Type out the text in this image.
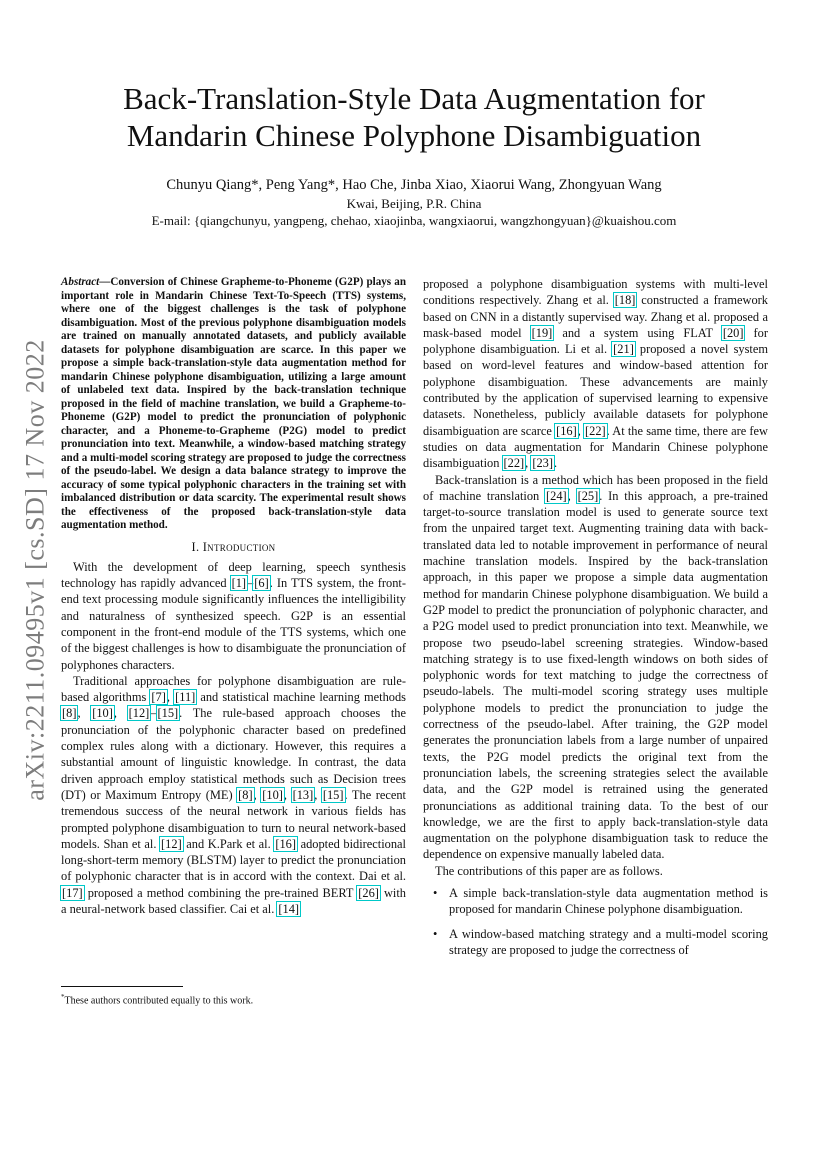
arXiv:2211.09495v1 [cs.SD] 17 Nov 2022
Back-Translation-Style Data Augmentation for
Mandarin Chinese Polyphone Disambiguation
Chunyu Qiang*, Peng Yang*, Hao Che, Jinba Xiao, Xiaorui Wang, Zhongyuan Wang
Kwai, Beijing, P.R. China
E-mail: {qiangchunyu, yangpeng, chehao, xiaojinba, wangxiaorui, wangzhongyuan}@kuaishou.com

Abstract—Conversion of Chinese Grapheme-to-Phoneme (G2P) plays an important role in Mandarin Chinese Text-To-Speech (TTS) systems, where one of the biggest challenges is the task of polyphone disambiguation. Most of the previous polyphone disambiguation models are trained on manually annotated datasets, and publicly available datasets for polyphone disambiguation are scarce. In this paper we propose a simple back-translation-style data augmentation method for mandarin Chinese polyphone disambiguation, utilizing a large amount of unlabeled text data. Inspired by the back-translation technique proposed in the field of machine translation, we build a Grapheme-to-Phoneme (G2P) model to predict the pronunciation of polyphonic character, and a Phoneme-to-Grapheme (P2G) model to predict pronunciation into text. Meanwhile, a window-based matching strategy and a multi-model scoring strategy are proposed to judge the correctness of the pseudo-label. We design a data balance strategy to improve the accuracy of some typical polyphonic characters in the training set with imbalanced distribution or data scarcity. The experimental result shows the effectiveness of the proposed back-translation-style data augmentation method.

I. Introduction

With the development of deep learning, speech synthesis technology has rapidly advanced [1]–[6]. In TTS system, the front-end text processing module significantly influences the intelligibility and naturalness of synthesized speech. G2P is an essential component in the front-end module of the TTS systems, which one of the biggest challenges is how to disambiguate the pronunciation of polyphones characters.

Traditional approaches for polyphone disambiguation are rule-based algorithms [7], [11] and statistical machine learning methods [8], [10], [12]–[15]. The rule-based approach chooses the pronunciation of the polyphonic character based on predefined complex rules along with a dictionary. However, this requires a substantial amount of linguistic knowledge. In contrast, the data driven approach employ statistical methods such as Decision trees (DT) or Maximum Entropy (ME) [8], [10], [13], [15]. The recent tremendous success of the neural network in various fields has prompted polyphone disambiguation to turn to neural network-based models. Shan et al. [12] and K.Park et al. [16] adopted bidirectional long-short-term memory (BLSTM) layer to predict the pronunciation of polyphonic character that is in accord with the context. Dai et al. [17] proposed a method combining the pre-trained BERT [26] with a neural-network based classifier. Cai et al. [14]

proposed a polyphone disambiguation systems with multi-level conditions respectively. Zhang et al. [18] constructed a framework based on CNN in a distantly supervised way. Zhang et al. proposed a mask-based model [19] and a system using FLAT [20] for polyphone disambiguation. Li et al. [21] proposed a novel system based on word-level features and window-based attention for polyphone disambiguation. These advancements are mainly contributed by the application of supervised learning to expensive datasets. Nonetheless, publicly available datasets for polyphone disambiguation are scarce [16], [22]. At the same time, there are few studies on data augmentation for Mandarin Chinese polyphone disambiguation [22], [23].

Back-translation is a method which has been proposed in the field of machine translation [24], [25]. In this approach, a pre-trained target-to-source translation model is used to generate source text from the unpaired target text. Augmenting training data with back-translated data led to notable improvement in performance of neural machine translation models. Inspired by the back-translation approach, in this paper we propose a simple data augmentation method for mandarin Chinese polyphone disambiguation. We build a G2P model to predict the pronunciation of polyphonic character, and a P2G model used to predict pronunciation into text. Meanwhile, we propose two pseudo-label screening strategies. Window-based matching strategy is to use fixed-length windows on both sides of polyphonic words for text matching to judge the correctness of pseudo-labels. The multi-model scoring strategy uses multiple polyphone models to predict the pronunciation to judge the correctness of the pseudo-label. After training, the G2P model generates the pronunciation labels from a large number of unpaired texts, the P2G model predicts the original text from the pronunciation labels, the screening strategies select the available data, and the G2P model is retrained using the generated pronunciations as additional training data. To the best of our knowledge, we are the first to apply back-translation-style data augmentation on the polyphone disambiguation task to reduce the dependence on expensive manually labeled data.

The contributions of this paper are as follows.

• A simple back-translation-style data augmentation method is proposed for mandarin Chinese polyphone disambiguation.
• A window-based matching strategy and a multi-model scoring strategy are proposed to judge the correctness of
*These authors contributed equally to this work.
